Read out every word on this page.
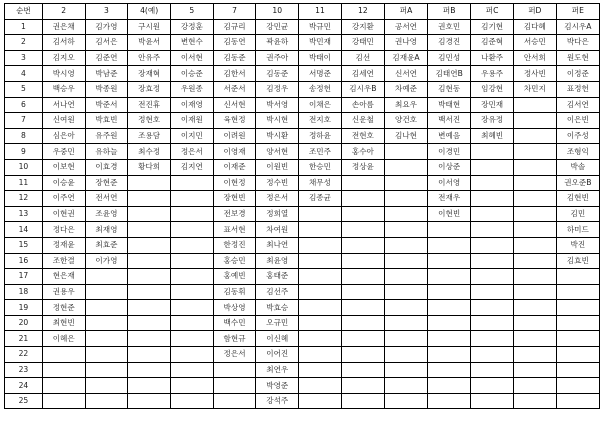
순번	2	3	4(예)	5	7	10	11	12	퍼A	퍼B	퍼C	퍼D	퍼E
1	권은채	김가영	구시원	강정훈	김규리	강민균	박규민	강지환	공서연	권호민	김기현	김다혜	김시우A
2	김서하	김서은	박윤서	변현수	김동연	곽윤하	박민재	강태민	권나영	김경진	김준혁	서승민	박다은
3	김지오	김준연	안유주	이서현	김동준	권주아	박태이	김선	김재윤A	김민성	나환주	안서희	원도현
4	박시영	박남준	장재혁	이승준	김한서	김동준	서명준	김세연	신서연	김태연B	우용주	정사빈	이정준
5	백승우	박종원	장효정	우원종	서준서	김정우	송정헌	김시우B	차예준	김현동	임강현	차민지	표정헌
6	서나연	박준서	전진휴	이재영	신서현	박서영	이채은	손아름	최요우	박태현	장민재		김서연
7	신여원	박효빈	정현호	이재원	육현정	박시현	전지호	신운철	양건호	백서진	장유정		이은빈
8	심은아	유주원	조용담	이지민	이려원	박시환	정하윤	전현호	김나현	변예음	최혜빈		이주성
9	우중민	유하늘	최수정	정은서	이영재	양서현	조민주	홍수아		이경민			조형익
10	이보현	이효경	황다희	김지연	이재준	이원빈	한승민	정상윤		이상준			박솔
11	이승윤	장현준			이현정	정수빈	채무성			이서영			권오준B
12	이주연	전서연			장현빈	정은서	김종균			전재우			김현빈
13	이현권	조윤영			전보경	정희열				이현빈			김민
14	정다은	최재영			표서현	차여원							하미드
15	정재윤	최효준			한정진	최나연							박진
16	조한결	이가영			홍승민	최윤영							김효빈
17	현은재				홍예빈	홍태준							
18	권용우				김동휘	김선주							
19	정현준				박상영	박효승							
20	최현빈				백수민	오규민							
21	이혜은				함현규	이신혜							
22					정은서	이어진							
23						최연우							
24						박영준							
25						강석주							
